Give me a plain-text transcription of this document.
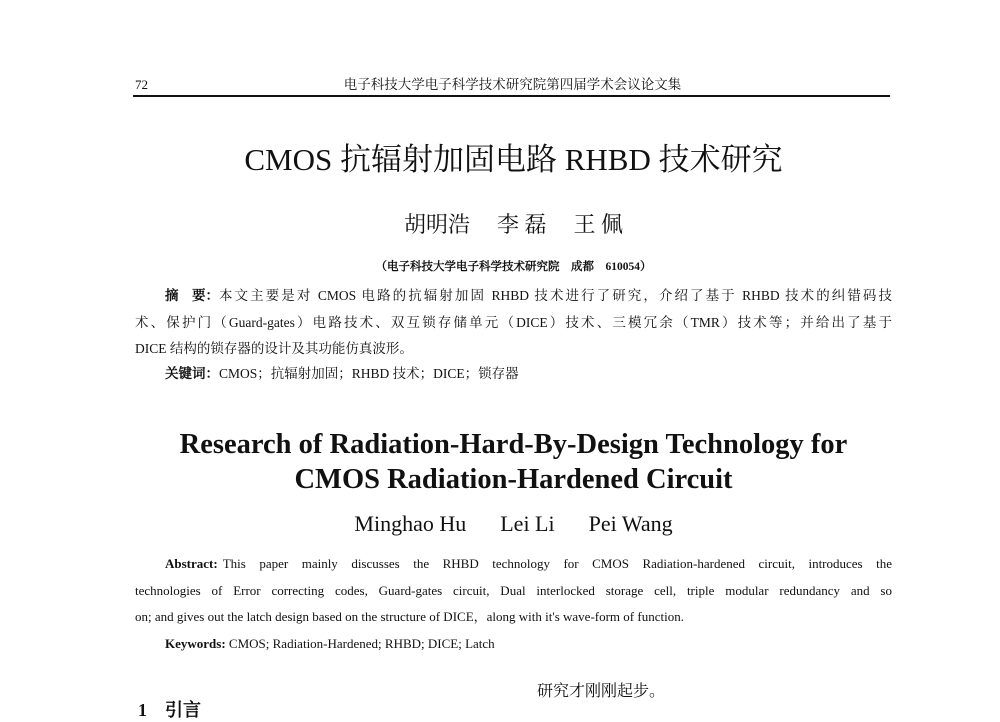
72	电子科技大学电子科学技术研究院第四届学术会议论文集
CMOS 抗辐射加固电路 RHBD 技术研究
胡明浩 李 磊 王 佩
（电子科技大学电子科学技术研究院　成都　610054）
摘　要： 本文主要是对 CMOS 电路的抗辐射加固 RHBD 技术进行了研究，介绍了基于 RHBD 技术的纠错码技
术、保护门（Guard-gates）电路技术、双互锁存储单元（DICE）技术、三模冗余（TMR）技术等；并给出了基于
DICE 结构的锁存器的设计及其功能仿真波形。
关键词：CMOS；抗辐射加固；RHBD 技术；DICE；锁存器
Research of Radiation-Hard-By-Design Technology for
CMOS Radiation-Hardened Circuit
Minghao Hu Lei Li Pei Wang
Abstract: This paper mainly discusses the RHBD technology for CMOS Radiation-hardened circuit, introduces the
technologies of Error correcting codes, Guard-gates circuit, Dual interlocked storage cell, triple modular redundancy and so
on; and gives out the latch design based on the structure of DICE，along with it's wave-form of function.
Keywords: CMOS; Radiation-Hardened; RHBD; DICE; Latch
1　引言
研究才刚刚起步。
